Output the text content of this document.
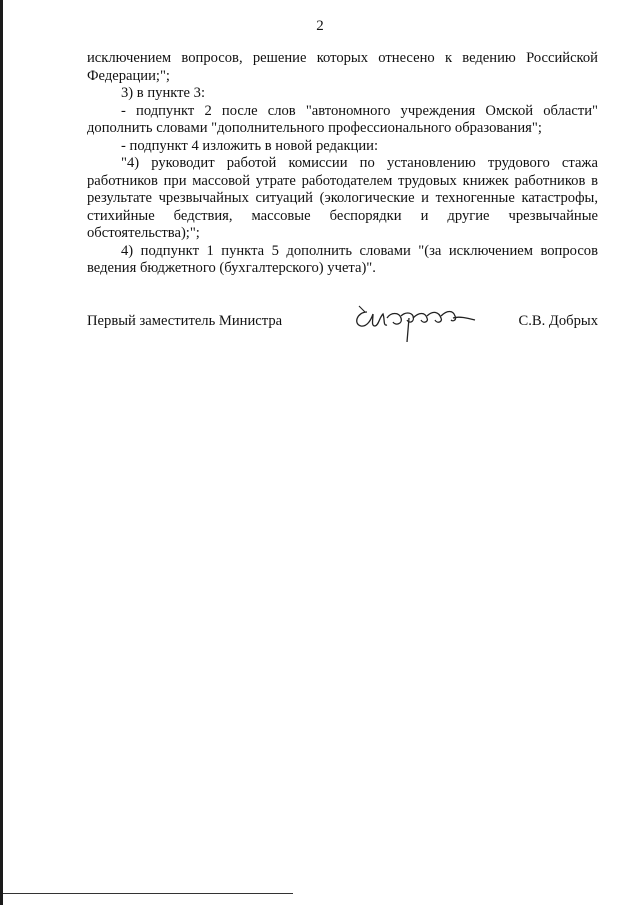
2

исключением вопросов, решение которых отнесено к ведению Российской Федерации;";

3) в пункте 3:

- подпункт 2 после слов "автономного учреждения Омской области" дополнить словами "дополнительного профессионального образования";

- подпункт 4 изложить в новой редакции:

"4) руководит работой комиссии по установлению трудового стажа работников при массовой утрате работодателем трудовых книжек работников в результате чрезвычайных ситуаций (экологические и техногенные катастрофы, стихийные бедствия, массовые беспорядки и другие чрезвычайные обстоятельства);";

4) подпункт 1 пункта 5 дополнить словами "(за исключением вопросов ведения бюджетного (бухгалтерского) учета)".

Первый заместитель Министра	С.В. Добрых
